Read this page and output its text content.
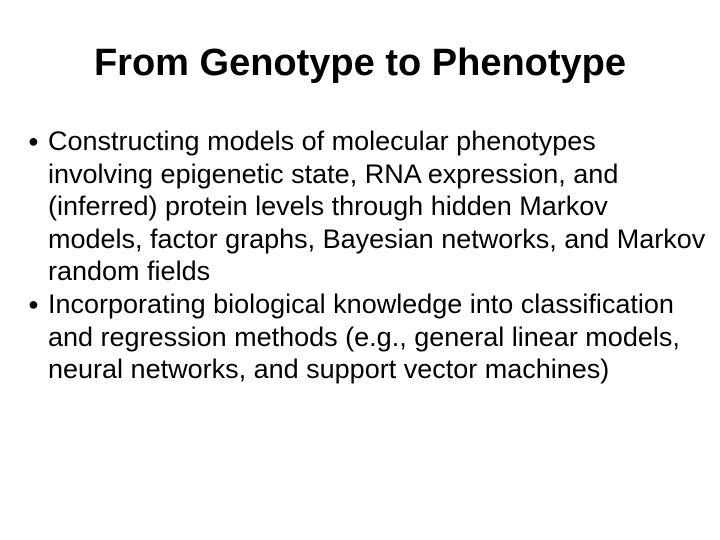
From Genotype to Phenotype
● Constructing models of molecular phenotypes involving epigenetic state, RNA expression, and (inferred) protein levels through hidden Markov models, factor graphs, Bayesian networks, and Markov random fields
● Incorporating biological knowledge into classification and regression methods (e.g., general linear models, neural networks, and support vector machines)
